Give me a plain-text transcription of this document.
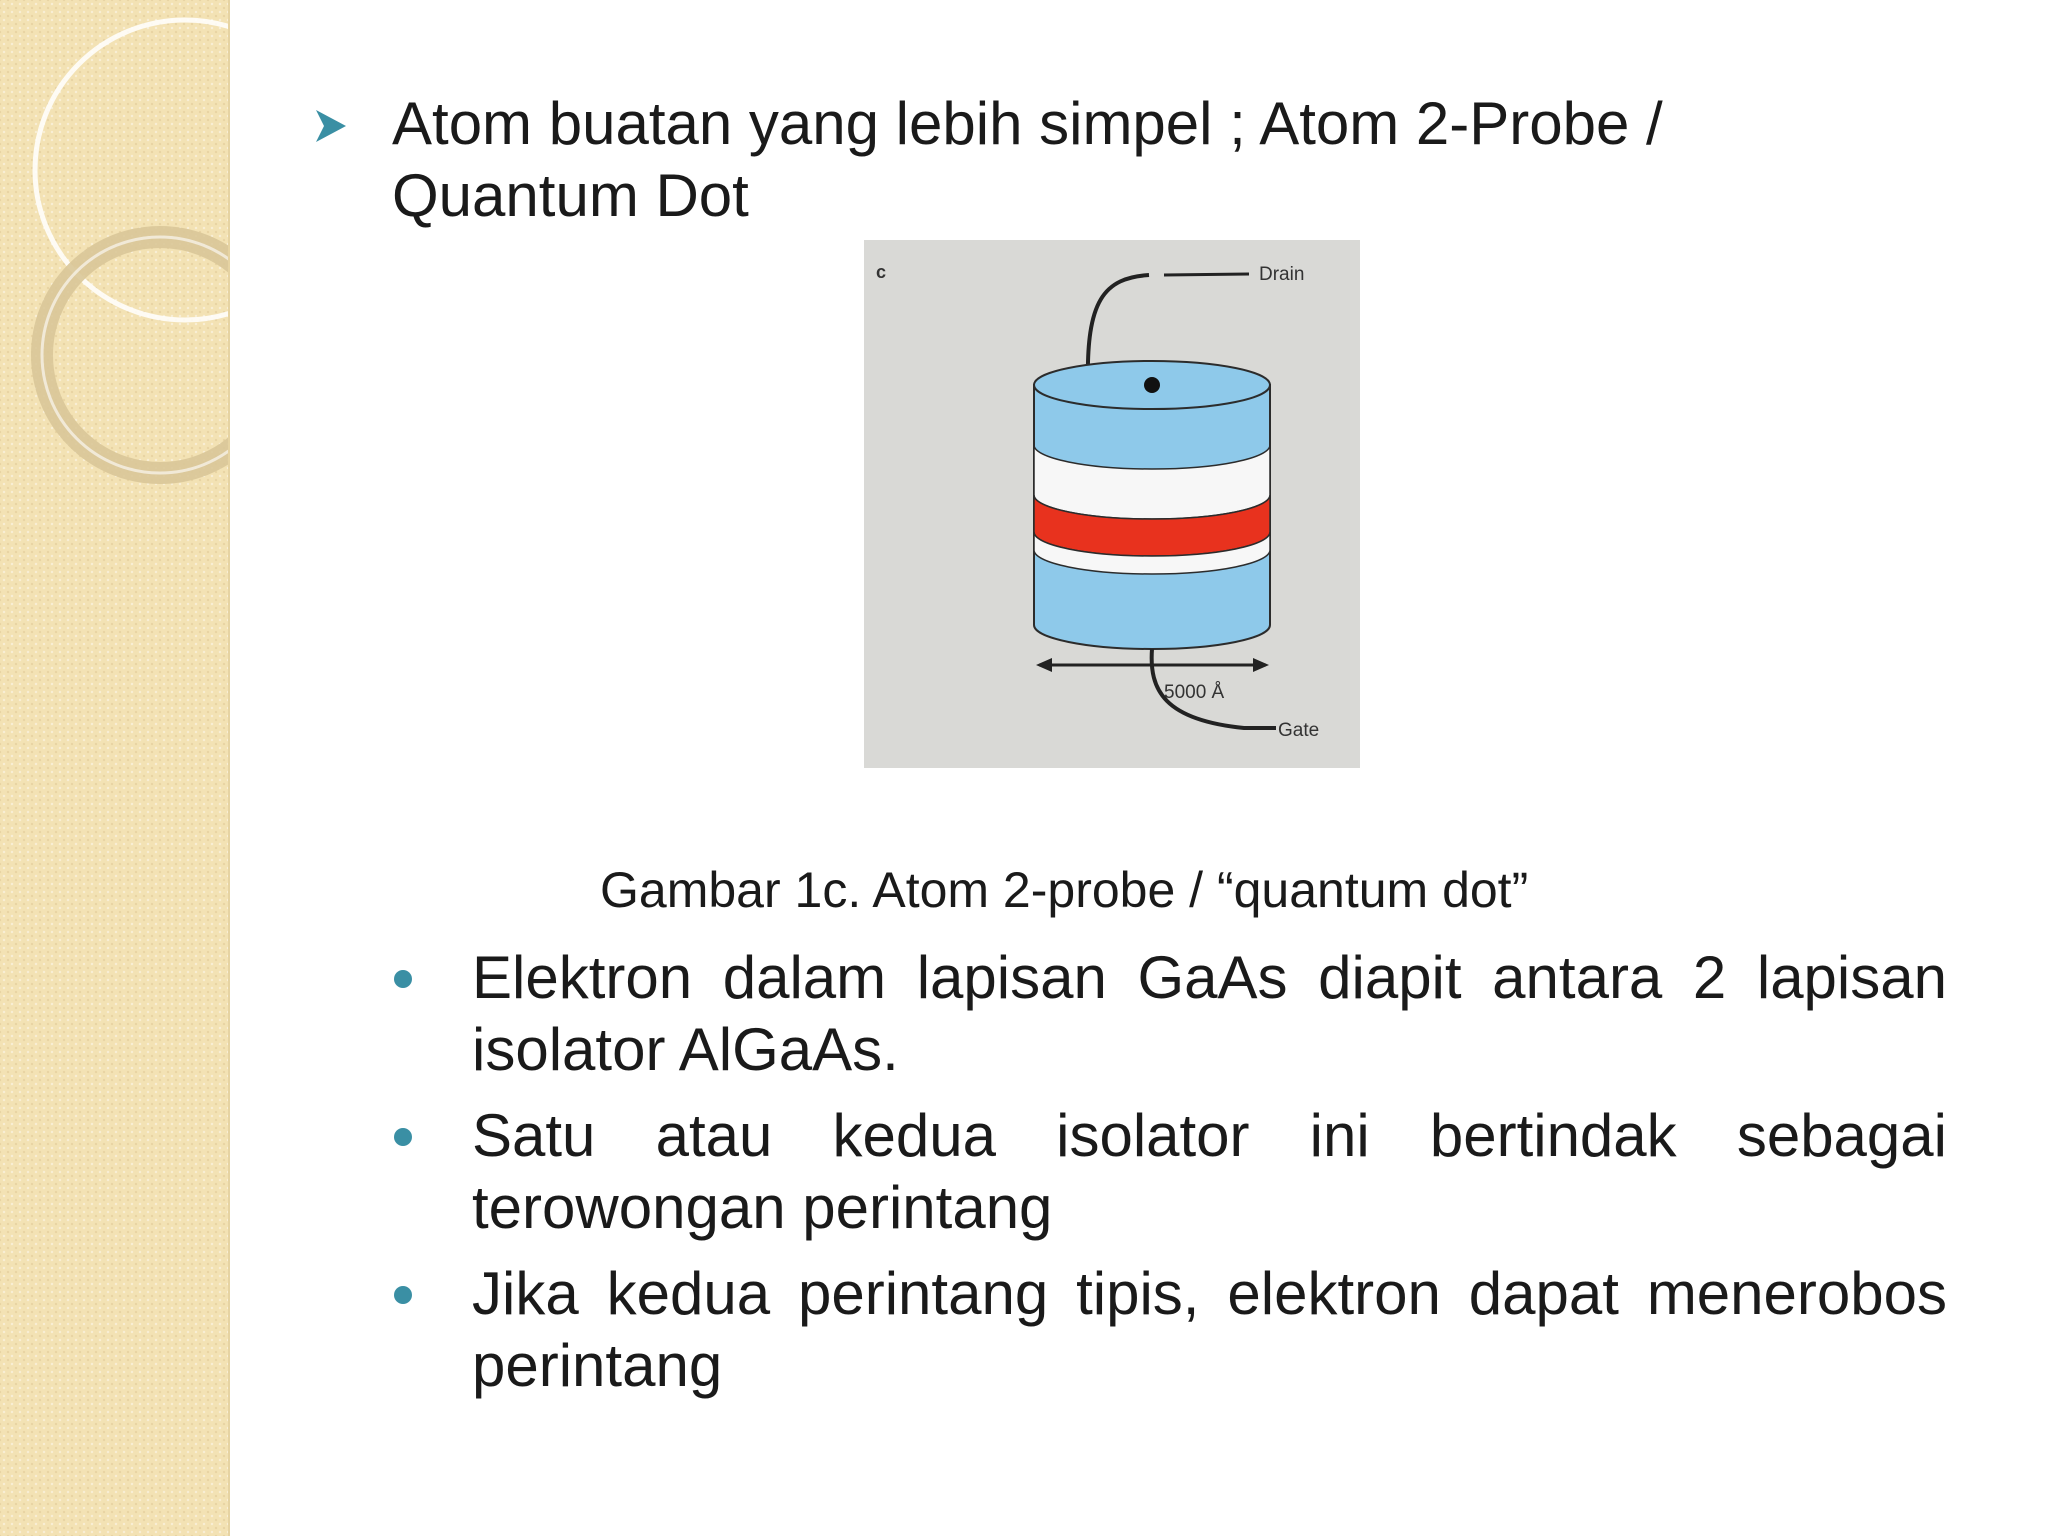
Atom buatan yang lebih simpel ; Atom 2-Probe / Quantum Dot
c	Drain
5000 Å
Gate
Gambar 1c. Atom 2-probe / “quantum dot”
Elektron dalam lapisan GaAs diapit antara 2 lapisan isolator AlGaAs.
Satu atau kedua isolator ini bertindak sebagai terowongan perintang
Jika kedua perintang tipis, elektron dapat menerobos perintang
